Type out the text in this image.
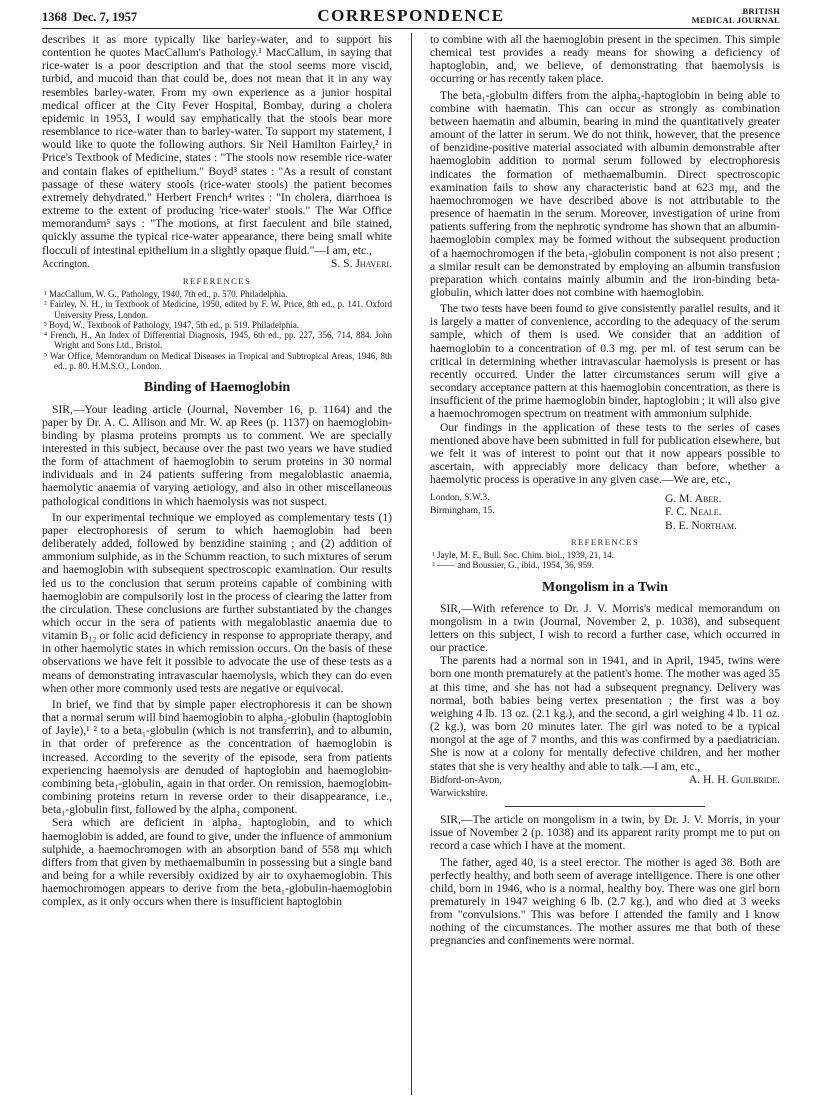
1368 Dec. 7, 1957	CORRESPONDENCE	BRITISH
MEDICAL JOURNAL

describes it as more typically like barley-water, and to support his contention he quotes MacCallum's Pathology.¹ MacCallum, in saying that rice-water is a poor description and that the stool seems more viscid, turbid, and mucoid than that could be, does not mean that it in any way resembles barley-water. From my own experience as a junior hospital medical officer at the City Fever Hospital, Bombay, during a cholera epidemic in 1953, I would say emphatically that the stools bear more resemblance to rice-water than to barley-water. To support my statement, I would like to quote the following authors. Sir Neil Hamilton Fairley,² in Price's Textbook of Medicine, states : "The stools now resemble rice-water and contain flakes of epithelium." Boyd³ states : "As a result of constant passage of these watery stools (rice-water stools) the patient becomes extremely dehydrated." Herbert French⁴ writes : "In cholera, diarrhoea is extreme to the extent of producing 'rice-water' stools." The War Office memorandum⁵ says : "The motions, at first faeculent and bile stained, quickly assume the typical rice-water appearance, there being small white flocculi of intestinal epithelium in a slightly opaque fluid."—I am, etc.,

Accrington.	S. S. Jhaveri.
REFERENCES
¹ MacCallum, W. G., Pathology, 1940, 7th ed., p. 570. Philadelphia.
² Fairley, N. H., in Textbook of Medicine, 1950, edited by F. W. Price, 8th ed., p. 141. Oxford University Press, London.
³ Boyd, W., Textbook of Pathology, 1947, 5th ed., p. 519. Philadelphia.
⁴ French, H., An Index of Differential Diagnosis, 1945, 6th ed., pp. 227, 356, 714, 884. John Wright and Sons Ltd., Bristol.
⁵ War Office, Memorandum on Medical Diseases in Tropical and Subtropical Areas, 1946, 8th ed., p. 80. H.M.S.O., London.
Binding of Haemoglobin

SIR,—Your leading article (Journal, November 16, p. 1164) and the paper by Dr. A. C. Allison and Mr. W. ap Rees (p. 1137) on haemoglobin-binding by plasma proteins prompts us to comment. We are specially interested in this subject, because over the past two years we have studied the form of attachment of haemoglobin to serum proteins in 30 normal individuals and in 24 patients suffering from megaloblastic anaemia, haemolytic anaemia of varying aetiology, and also in other miscellaneous pathological conditions in which haemolysis was not suspect.

In our experimental technique we employed as complementary tests (1) paper electrophoresis of serum to which haemoglobin had been deliberately added, followed by benzidine staining ; and (2) addition of ammonium sulphide, as in the Schumm reaction, to such mixtures of serum and haemoglobin with subsequent spectroscopic examination. Our results led us to the conclusion that serum proteins capable of combining with haemoglobin are compulsorily lost in the process of clearing the latter from the circulation. These conclusions are further substantiated by the changes which occur in the sera of patients with megaloblastic anaemia due to vitamin B₁₂ or folic acid deficiency in response to appropriate therapy, and in other haemolytic states in which remission occurs. On the basis of these observations we have felt it possible to advocate the use of these tests as a means of demonstrating intravascular haemolysis, which they can do even when other more commonly used tests are negative or equivocal.

In brief, we find that by simple paper electrophoresis it can be shown that a normal serum will bind haemoglobin to alpha₂-globulin (haptoglobin of Jayle),¹ ² to a beta₁-globulin (which is not transferrin), and to albumin, in that order of preference as the concentration of haemoglobin is increased. According to the severity of the episode, sera from patients experiencing haemolysis are denuded of haptoglobin and haemoglobin-combining beta₁-globulin, again in that order. On remission, haemoglobin-combining proteins return in reverse order to their disappearance, i.e., beta₁-globulin first, followed by the alpha₂ component.

Sera which are deficient in alpha₂ haptoglobin, and to which haemoglobin is added, are found to give, under the influence of ammonium sulphide, a haemochromogen with an absorption band of 558 mμ which differs from that given by methaemalbumin in possessing but a single band and being for a while reversibly oxidized by air to oxyhaemoglobin. This haemochromogen appears to derive from the beta₁-globulin-haemoglobin complex, as it only occurs when there is insufficient haptoglobin

to combine with all the haemoglobin present in the specimen. This simple chemical test provides a ready means for showing a deficiency of haptoglobin, and, we believe, of demonstrating that haemolysis is occurring or has recently taken place.

The beta₁-globulin differs from the alpha₂-haptoglobin in being able to combine with haematin. This can occur as strongly as combination between haematin and albumin, bearing in mind the quantitatively greater amount of the latter in serum. We do not think, however, that the presence of benzidine-positive material associated with albumin demonstrable after haemoglobin addition to normal serum followed by electrophoresis indicates the formation of methaemalbumin. Direct spectroscopic examination fails to show any characteristic band at 623 mμ, and the haemochromogen we have described above is not attributable to the presence of haematin in the serum. Moreover, investigation of urine from patients suffering from the nephrotic syndrome has shown that an albumin-haemoglobin complex may be formed without the subsequent production of a haemochromogen if the beta₁-globulin component is not also present ; a similar result can be demonstrated by employing an albumin transfusion preparation which contains mainly albumin and the iron-binding beta-globulin, which latter does not combine with haemoglobin.

The two tests have been found to give consistently parallel results, and it is largely a matter of convenience, according to the adequacy of the serum sample, which of them is used. We consider that an addition of haemoglobin to a concentration of 0.3 mg. per ml. of test serum can be critical in determining whether intravascular haemolysis is present or has recently occurred. Under the latter circumstances serum will give a secondary acceptance pattern at this haemoglobin concentration, as there is insufficient of the prime haemoglobin binder, haptoglobin ; it will also give a haemochromogen spectrum on treatment with ammonium sulphide.

Our findings in the application of these tests to the series of cases mentioned above have been submitted in full for publication elsewhere, but we felt it was of interest to point out that it now appears possible to ascertain, with appreciably more delicacy than before, whether a haemolytic process is operative in any given case.—We are, etc.,

London, S.W.3.
Birmingham, 15.
G. M. Aber.
F. C. Neale.
B. E. Northam.
REFERENCES
¹ Jayle, M. F., Bull. Soc. Chim. biol., 1939, 21, 14.
² —— and Boussier, G., ibid., 1954, 36, 959.
Mongolism in a Twin

SIR,—With reference to Dr. J. V. Morris's medical memorandum on mongolism in a twin (Journal, November 2, p. 1038), and subsequent letters on this subject, I wish to record a further case, which occurred in our practice.

The parents had a normal son in 1941, and in April, 1945, twins were born one month prematurely at the patient's home. The mother was aged 35 at this time, and she has not had a subsequent pregnancy. Delivery was normal, both babies being vertex presentation ; the first was a boy weighing 4 lb. 13 oz. (2.1 kg.), and the second, a girl weighing 4 lb. 11 oz. (2 kg.), was born 20 minutes later. The girl was noted to be a typical mongol at the age of 7 months, and this was confirmed by a paediatrician. She is now at a colony for mentally defective children, and her mother states that she is very healthy and able to talk.—I am, etc.,

Bidford-on-Avon,
Warwickshire.
A. H. H. Guilbride.

SIR,—The article on mongolism in a twin, by Dr. J. V. Morris, in your issue of November 2 (p. 1038) and its apparent rarity prompt me to put on record a case which I have at the moment.

The father, aged 40, is a steel erector. The mother is aged 38. Both are perfectly healthy, and both seem of average intelligence. There is one other child, born in 1946, who is a normal, healthy boy. There was one girl born prematurely in 1947 weighing 6 lb. (2.7 kg.), and who died at 3 weeks from "convulsions." This was before I attended the family and I know nothing of the circumstances. The mother assures me that both of these pregnancies and confinements were normal.
